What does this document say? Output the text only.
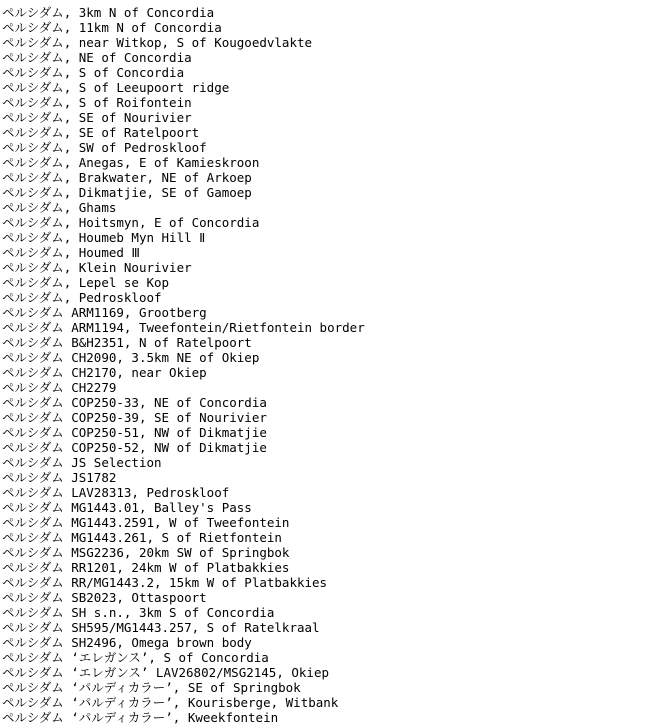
ペルシダム, 3km N of Concordia
ペルシダム, 11km N of Concordia
ペルシダム, near Witkop, S of Kougoedvlakte
ペルシダム, NE of Concordia
ペルシダム, S of Concordia
ペルシダム, S of Leeupoort ridge
ペルシダム, S of Roifontein
ペルシダム, SE of Nourivier
ペルシダム, SE of Ratelpoort
ペルシダム, SW of Pedroskloof
ペルシダム, Anegas, E of Kamieskroon
ペルシダム, Brakwater, NE of Arkoep
ペルシダム, Dikmatjie, SE of Gamoep
ペルシダム, Ghams
ペルシダム, Hoitsmyn, E of Concordia
ペルシダム, Houmeb Myn Hill Ⅱ
ペルシダム, Houmed Ⅲ
ペルシダム, Klein Nourivier
ペルシダム, Lepel se Kop
ペルシダム, Pedroskloof
ペルシダム ARM1169, Grootberg
ペルシダム ARM1194, Tweefontein/Rietfontein border
ペルシダム B&H2351, N of Ratelpoort
ペルシダム CH2090, 3.5km NE of Okiep
ペルシダム CH2170, near Okiep
ペルシダム CH2279
ペルシダム COP250-33, NE of Concordia
ペルシダム COP250-39, SE of Nourivier
ペルシダム COP250-51, NW of Dikmatjie
ペルシダム COP250-52, NW of Dikmatjie
ペルシダム JS Selection
ペルシダム JS1782
ペルシダム LAV28313, Pedroskloof
ペルシダム MG1443.01, Balley's Pass
ペルシダム MG1443.2591, W of Tweefontein
ペルシダム MG1443.261, S of Rietfontein
ペルシダム MSG2236, 20km SW of Springbok
ペルシダム RR1201, 24km W of Platbakkies
ペルシダム RR/MG1443.2, 15km W of Platbakkies
ペルシダム SB2023, Ottaspoort
ペルシダム SH s.n., 3km S of Concordia
ペルシダム SH595/MG1443.257, S of Ratelkraal
ペルシダム SH2496, Omega brown body
ペルシダム ‘エレガンス’, S of Concordia
ペルシダム ‘エレガンス’ LAV26802/MSG2145, Okiep
ペルシダム ‘パルディカラー’, SE of Springbok
ペルシダム ‘パルディカラー’, Kourisberge, Witbank
ペルシダム ‘パルディカラー’, Kweekfontein
